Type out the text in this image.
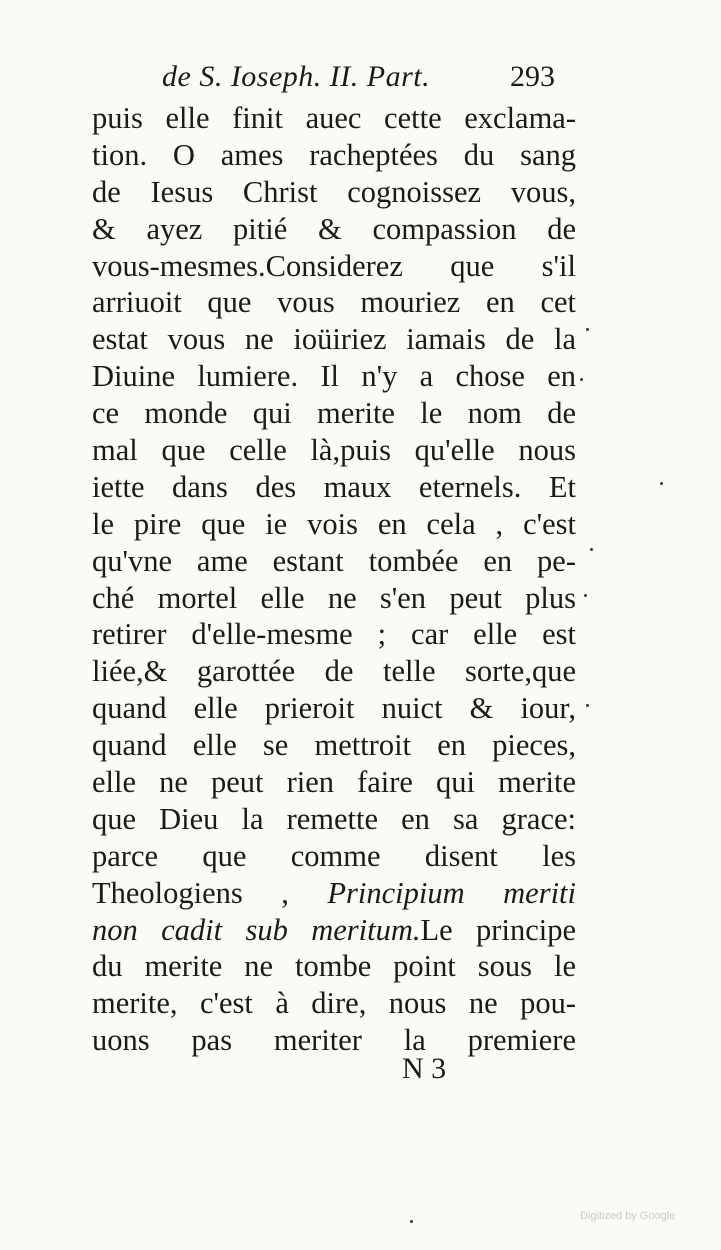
de S. Ioseph. II. Part.	293
puis elle finit auec cette exclama-
tion. O ames racheptées du sang
de Iesus Christ cognoissez vous,
& ayez pitié & compassion de
vous-mesmes.Considerez que s'il
arriuoit que vous mouriez en cet
estat vous ne ioüiriez iamais de la
Diuine lumiere. Il n'y a chose en
ce monde qui merite le nom de
mal que celle là,puis qu'elle nous
iette dans des maux eternels. Et
le pire que ie vois en cela , c'est
qu'vne ame estant tombée en pe-
ché mortel elle ne s'en peut plus
retirer d'elle-mesme ; car elle est
liée,& garottée de telle sorte,que
quand elle prieroit nuict & iour,
quand elle se mettroit en pieces,
elle ne peut rien faire qui merite
que Dieu la remette en sa grace:
parce que comme disent les
Theologiens , Principium meriti
non cadit sub meritum.Le principe
du merite ne tombe point sous le
merite, c'est à dire, nous ne pou-
uons pas meriter la premiere
N 3
Digitized by Google
